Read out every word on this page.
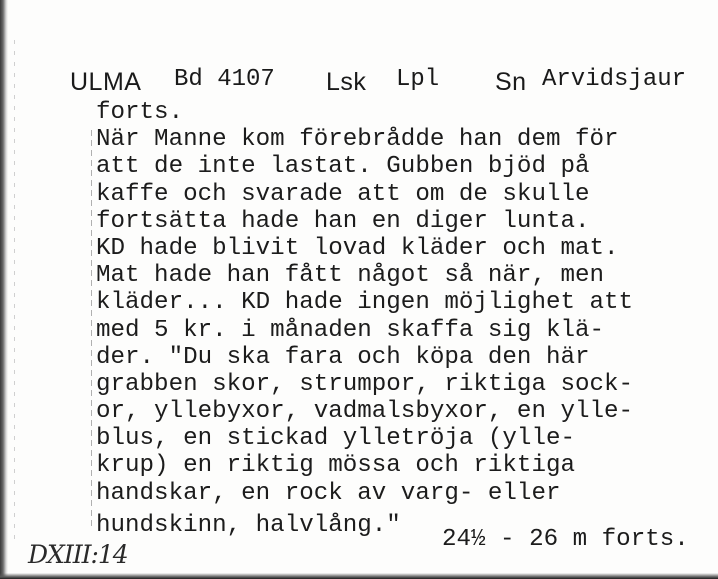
ULMA Bd 4107 Lsk Lpl Sn Arvidsjaur
forts.
När Manne kom förebrådde han dem för
att de inte lastat. Gubben bjöd på
kaffe och svarade att om de skulle
fortsätta hade han en diger lunta.
KD hade blivit lovad kläder och mat.
Mat hade han fått något så när, men
kläder... KD hade ingen möjlighet att
med 5 kr. i månaden skaffa sig klä-
der. "Du ska fara och köpa den här
grabben skor, strumpor, riktiga sock-
or, yllebyxor, vadmalsbyxor, en ylle-
blus, en stickad ylletröja (ylle-
krup) en riktig mössa och riktiga
handskar, en rock av varg- eller
hundskinn, halvlång."
24½ - 26 m forts.
DXIII:14
